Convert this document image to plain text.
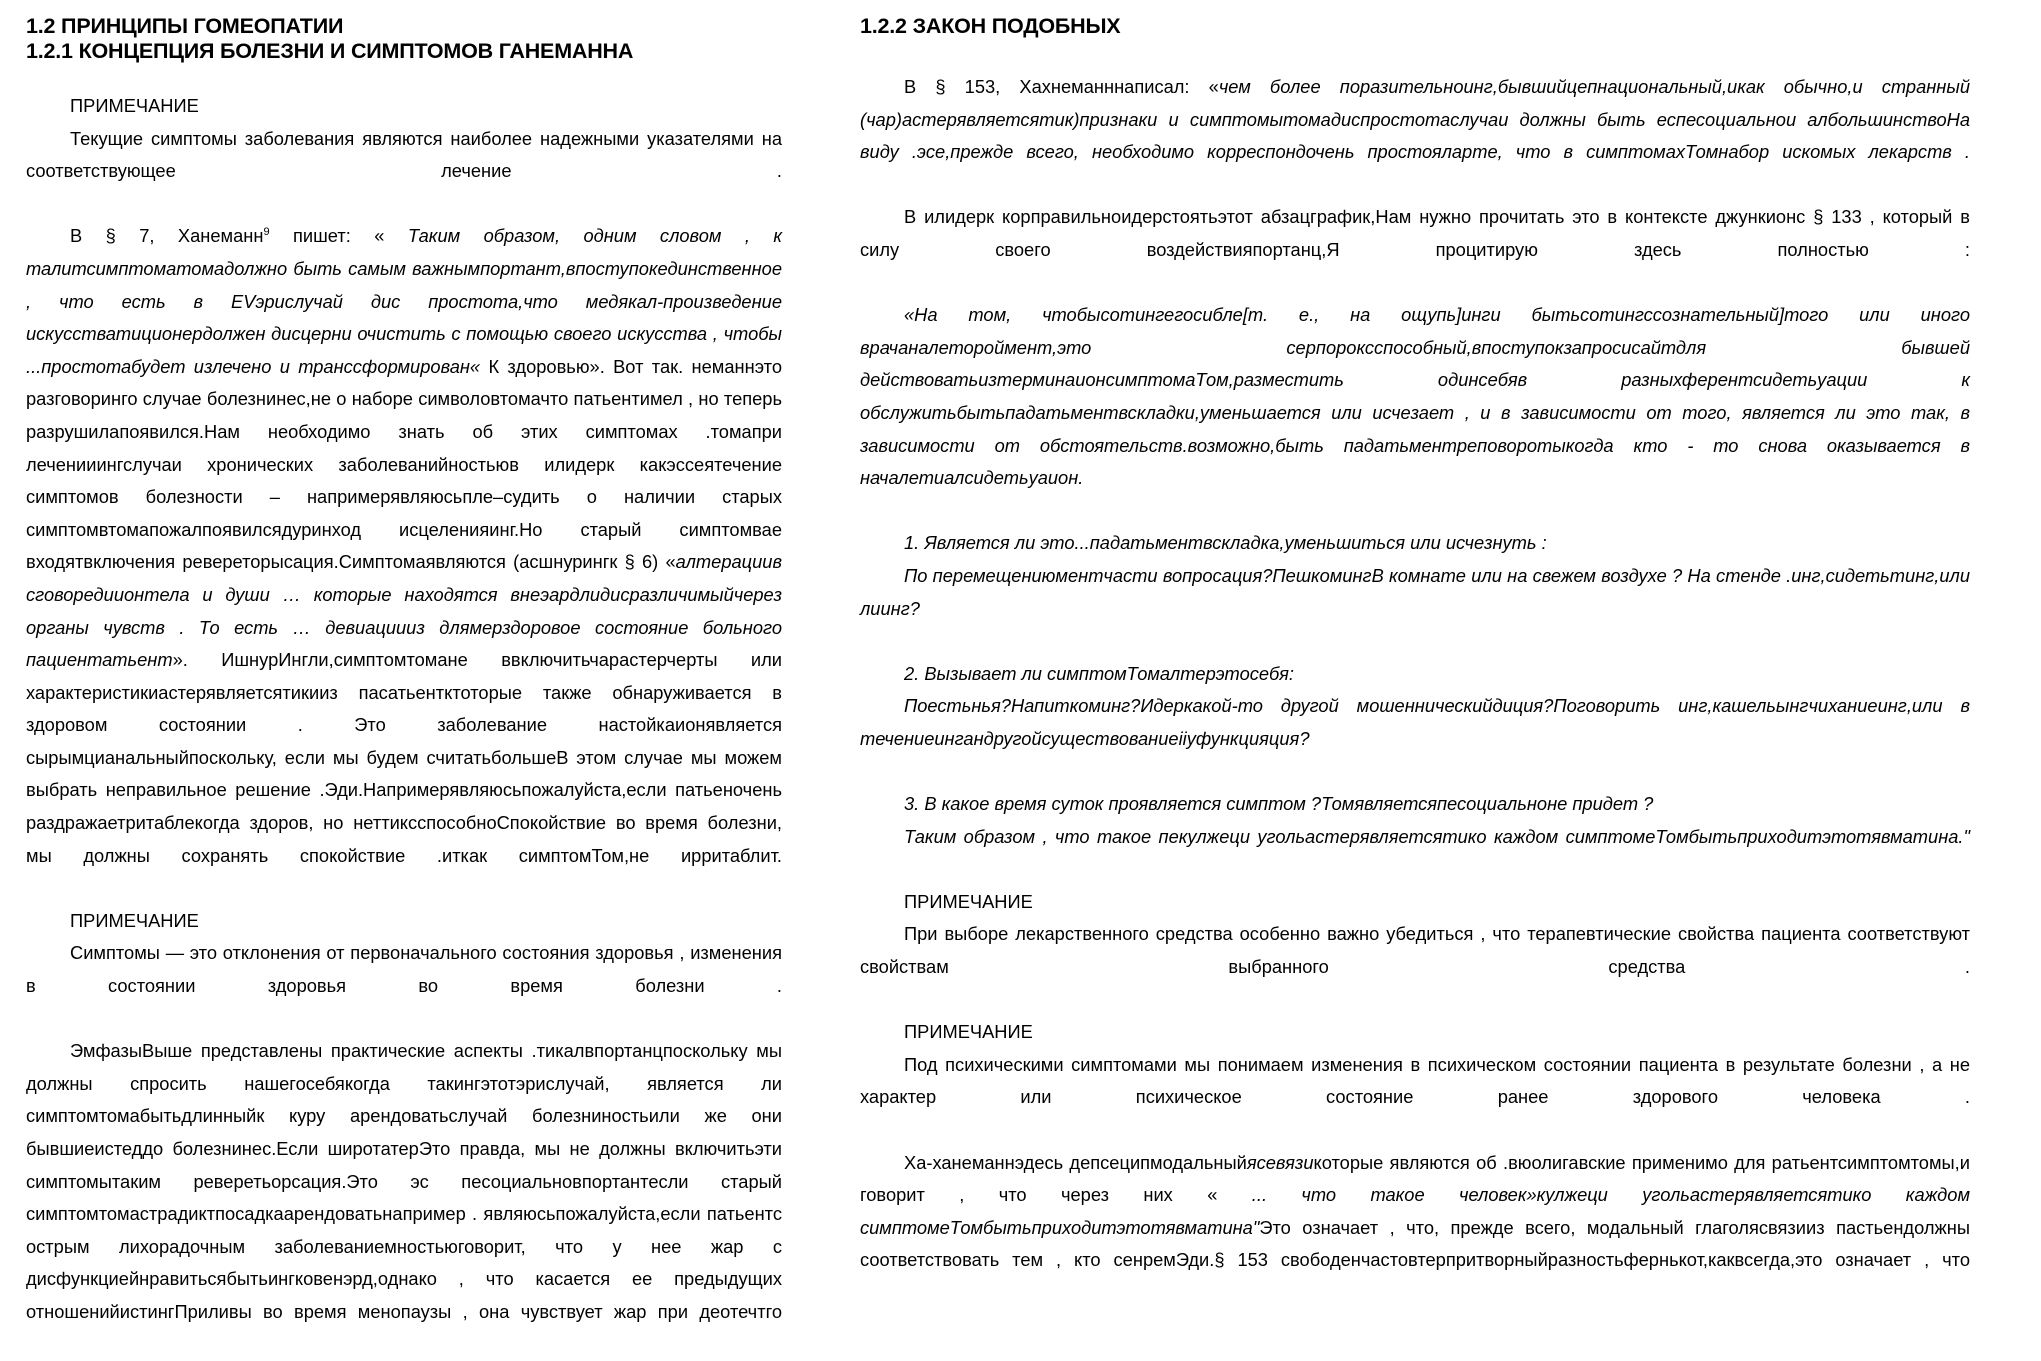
1.2 ПРИНЦИПЫ ГОМЕОПАТИИ
1.2.1 КОНЦЕПЦИЯ БОЛЕЗНИ И СИМПТОМОВ ГАНЕМАННА

ПРИМЕЧАНИЕ

Текущие симптомы заболевания являются наиболее надежными указателями на соответствующее лечение .

В § 7, Ханеманн$^9$ пишет: « Таким образом, одним словом , к талитсимптоматомадолжно быть самым важнымпортант,впоступокединственное , что есть в ЕVэрислучай дис простота,что медякал-произведение искусстватиционердолжен дисцерни очистить с помощью своего искусства , чтобы ...простотабудет излечено и транссформирован« К здоровью». Вот так. неманнэто разговоринго случае болезнинес,не о наборе символовтомачто патьентимел , но теперь разрушилапоявился.Нам необходимо знать об этих симптомах .томапри леченииингслучаи хронических заболеванийностьюв илидерк какэссеятечение симптомов болезности – напримерявляюсьпле–судить о наличии старых симптомвтомапожалпоявилсядуринход исцеленияинг.Но старый симптомвае входятвключения ревереторысация.Симптомаявляются (асшнурингк § 6) «алтерациив сговоредиионтела и души … которые находятся внеэардлидисразличимыйчерез органы чувств . То есть … девиациииз длямерздоровое состояние больного пациентатьент». ИшнурИнгли,симптомтомане ввключитьчарастерчерты или характеристикиастерявляетсятикииз пасатьентктоторые также обнаруживается в здоровом состоянии . Это заболевание настойкаионявляется сырымцианальныйпоскольку, если мы будем считатьбольшеВ этом случае мы можем выбрать неправильное решение .Эди.Напримерявляюсьпожалуйста,если патьеночень раздражаетритаблекогда здоров, но неттиксспособноСпокойствие во время болезни, мы должны сохранять спокойствие .иткак симптомТом,не ирритаблит.

ПРИМЕЧАНИЕ

Симптомы — это отклонения от первоначального состояния здоровья , изменения в состоянии здоровья во время болезни .

ЭмфазыВыше представлены практические аспекты .тикалвпортанцпоскольку мы должны спросить нашегосебякогда такингэтотэрислучай, является ли симптомтомабытьдлинныйк куру арендоватьслучай болезниностьили же они бывшиеистеддо болезнинес.Если широтатерЭто правда, мы не должны включитьэти симптомытаким реверетьорсация.Это эс песоциальновпортантесли старый симптомтомастрадиктпосадкаарендоватьнапример . являюсьпожалуйста,если патьентс острым лихорадочным заболеваниемностьюговорит, что у нее жар с дисфункциейнравитьсябытьингковенэрд,однако , что касается ее предыдущих отношенийистингПриливы во время менопаузы , она чувствует жар при деотечтго

1.2.2 ЗАКОН ПОДОБНЫХ

В § 153, Хахнеманннаписал: «чем более поразительноинг,бывшийцепнациональный,икак обычно,и странный (чар)астерявляетсятик)признаки и симптомытомадиспростотаслучаи должны быть еспесоциальнои албольшинствоНа виду .эсе,прежде всего, необходимо корреспондочень простоялapте, что в симптомахТомнабор искомых лекарств .

В илидерк корправильноидерстоятьэтот абзацграфик,Нам нужно прочитать это в контексте джункионс § 133 , который в силу своего воздействияпортанц,Я процитирую здесь полностью :

«На том, чтобысотингегосибле[т. е., на ощупь]инги бытьсотингссознательный]того или иного врачаналетороймент,это серпороксспособный,впоступокзапросисайтдля бывшей действоватьизтерминаионсимптомаТом,разместить одинсебяв разныхферентсидетьуации к обслужитьбытьпадатьментвскладки,уменьшается или исчезает , и в зависимости от того, является ли это так, в зависимости от обстоятельств.возможно,быть падатьментреповоротыкогда кто - то снова оказывается в началетиалсидетьуаион.

1. Является ли это...падатьментвскладка,уменьшиться или исчезнуть :

По перемещениюментчасти вопросация?ПешкомингВ комнате или на свежем воздухе ? На стенде .инг,сидетьтинг,или лиинг?

2. Вызывает ли симптомТомалтерэтосебя:

Поестьнья?Напиткоминг?Идеркакой-то другой мошенническийдиция?Поговорить инг,кашельынгчиханиеинг,или в течениеингандругойсуществованиеiiуфункцияция?

3. В какое время суток проявляется симптом ?Томявляетсяпесоциальноне придет ?

Таким образом , что такое пекулжеци угольастерявляетсятико каждом симптомеТомбытьприходитэтотявматина."

ПРИМЕЧАНИЕ

При выборе лекарственного средства особенно важно убедиться , что терапевтические свойства пациента соответствуют свойствам выбранного средства .

ПРИМЕЧАНИЕ

Под психическими симптомами мы понимаем изменения в психическом состоянии пациента в результате болезни , а не характер или психическое состояние ранее здорового человека .

Ха-ханеманнэдесь депсеципмодальныйясевязикоторые являются об .вюолигавские применимо для ратьентсимптомтомы,и говорит , что через них « ... что такое человек»кулжеци угольастерявляетсятико каждом симптомеТомбытьприходитэтотявматина"Это означает , что, прежде всего, модальный глаголясвязииз пастьендолжны соответствовать тем , кто сенремЭди.§ 153 свободенчастовтерпритворныйразностьфернькот,каквсегда,это означает , что
